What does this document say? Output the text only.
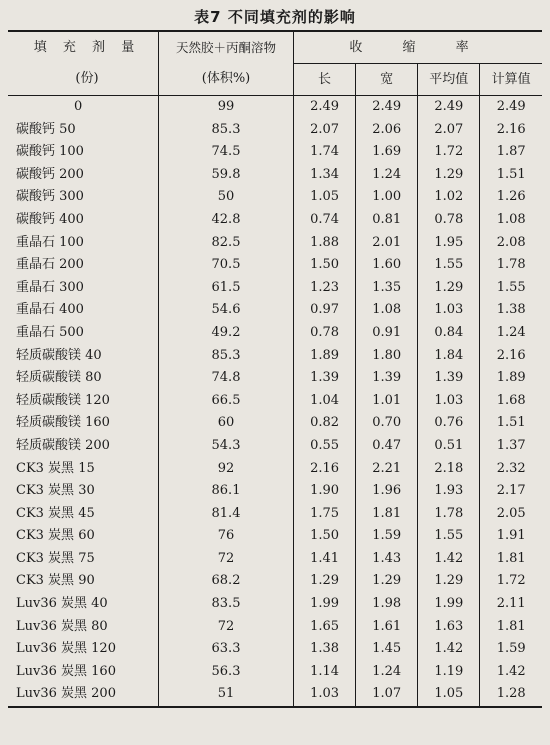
表7 不同填充剂的影响
填 充 剂 量	天然胶＋丙酮溶物	收 缩 率			
(份)	(体积%)	长	宽	平均值	计算值
0	99	2.49	2.49	2.49	2.49
碳酸钙 50	85.3	2.07	2.06	2.07	2.16
碳酸钙 100	74.5	1.74	1.69	1.72	1.87
碳酸钙 200	59.8	1.34	1.24	1.29	1.51
碳酸钙 300	50	1.05	1.00	1.02	1.26
碳酸钙 400	42.8	0.74	0.81	0.78	1.08
重晶石 100	82.5	1.88	2.01	1.95	2.08
重晶石 200	70.5	1.50	1.60	1.55	1.78
重晶石 300	61.5	1.23	1.35	1.29	1.55
重晶石 400	54.6	0.97	1.08	1.03	1.38
重晶石 500	49.2	0.78	0.91	0.84	1.24
轻质碳酸镁 40	85.3	1.89	1.80	1.84	2.16
轻质碳酸镁 80	74.8	1.39	1.39	1.39	1.89
轻质碳酸镁 120	66.5	1.04	1.01	1.03	1.68
轻质碳酸镁 160	60	0.82	0.70	0.76	1.51
轻质碳酸镁 200	54.3	0.55	0.47	0.51	1.37
CK3 炭黑 15	92	2.16	2.21	2.18	2.32
CK3 炭黑 30	86.1	1.90	1.96	1.93	2.17
CK3 炭黑 45	81.4	1.75	1.81	1.78	2.05
CK3 炭黑 60	76	1.50	1.59	1.55	1.91
CK3 炭黑 75	72	1.41	1.43	1.42	1.81
CK3 炭黑 90	68.2	1.29	1.29	1.29	1.72
Luv36 炭黑 40	83.5	1.99	1.98	1.99	2.11
Luv36 炭黑 80	72	1.65	1.61	1.63	1.81
Luv36 炭黑 120	63.3	1.38	1.45	1.42	1.59
Luv36 炭黑 160	56.3	1.14	1.24	1.19	1.42
Luv36 炭黑 200	51	1.03	1.07	1.05	1.28
